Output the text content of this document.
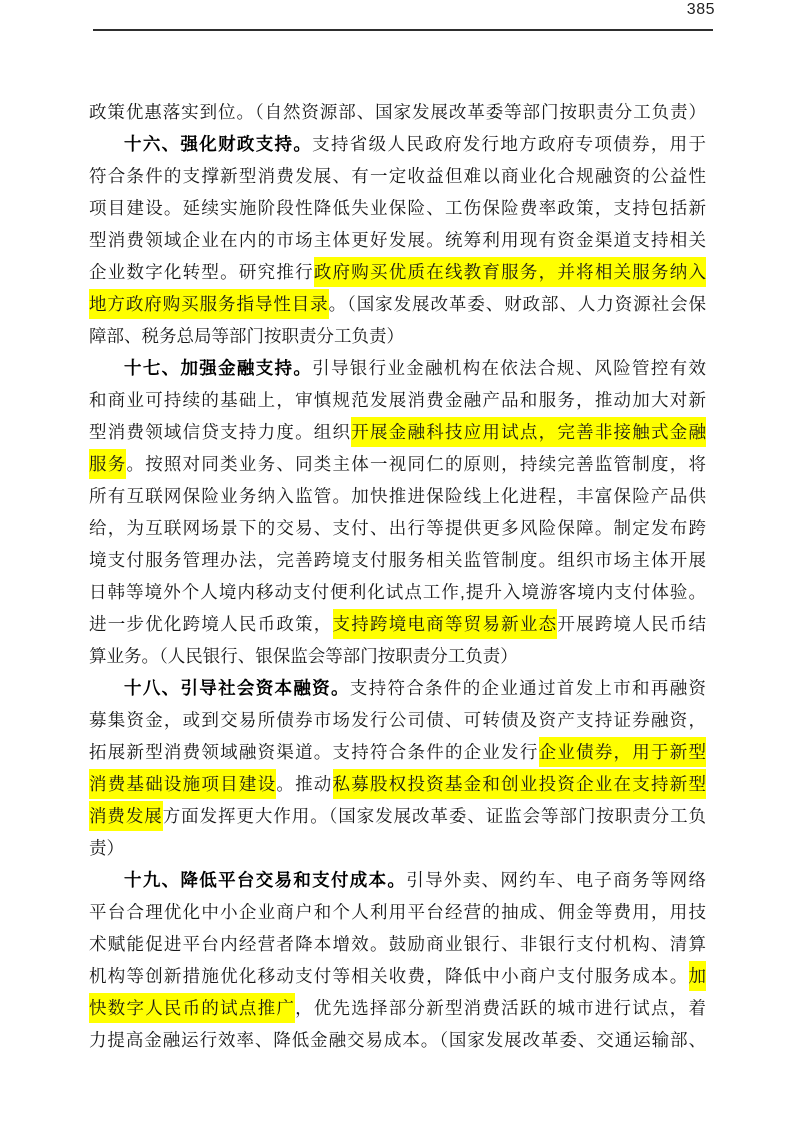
385
政策优惠落实到位。（自然资源部、国家发展改革委等部门按职责分工负责）
十六、强化财政支持。支持省级人民政府发行地方政府专项债券，用于
符合条件的支撑新型消费发展、有一定收益但难以商业化合规融资的公益性
项目建设。延续实施阶段性降低失业保险、工伤保险费率政策，支持包括新
型消费领域企业在内的市场主体更好发展。统筹利用现有资金渠道支持相关
企业数字化转型。研究推行政府购买优质在线教育服务，并将相关服务纳入
地方政府购买服务指导性目录。（国家发展改革委、财政部、人力资源社会保
障部、税务总局等部门按职责分工负责）
十七、加强金融支持。引导银行业金融机构在依法合规、风险管控有效
和商业可持续的基础上，审慎规范发展消费金融产品和服务，推动加大对新
型消费领域信贷支持力度。组织开展金融科技应用试点，完善非接触式金融
服务。按照对同类业务、同类主体一视同仁的原则，持续完善监管制度，将
所有互联网保险业务纳入监管。加快推进保险线上化进程，丰富保险产品供
给，为互联网场景下的交易、支付、出行等提供更多风险保障。制定发布跨
境支付服务管理办法，完善跨境支付服务相关监管制度。组织市场主体开展
日韩等境外个人境内移动支付便利化试点工作,提升入境游客境内支付体验。
进一步优化跨境人民币政策，支持跨境电商等贸易新业态开展跨境人民币结
算业务。（人民银行、银保监会等部门按职责分工负责）
十八、引导社会资本融资。支持符合条件的企业通过首发上市和再融资
募集资金，或到交易所债券市场发行公司债、可转债及资产支持证券融资，
拓展新型消费领域融资渠道。支持符合条件的企业发行企业债券，用于新型
消费基础设施项目建设。推动私募股权投资基金和创业投资企业在支持新型
消费发展方面发挥更大作用。（国家发展改革委、证监会等部门按职责分工负
责）
十九、降低平台交易和支付成本。引导外卖、网约车、电子商务等网络
平台合理优化中小企业商户和个人利用平台经营的抽成、佣金等费用，用技
术赋能促进平台内经营者降本增效。鼓励商业银行、非银行支付机构、清算
机构等创新措施优化移动支付等相关收费，降低中小商户支付服务成本。加
快数字人民币的试点推广，优先选择部分新型消费活跃的城市进行试点，着
力提高金融运行效率、降低金融交易成本。（国家发展改革委、交通运输部、
